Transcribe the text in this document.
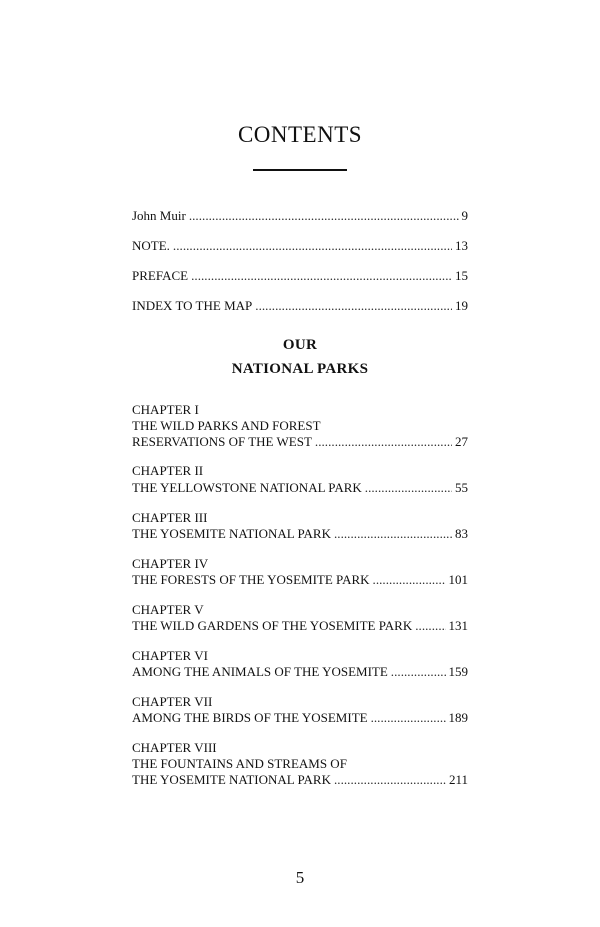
CONTENTS
John Muir . . .	9
NOTE. . . .	13
PREFACE . . .	15
INDEX TO THE MAP . . .	19
OUR
NATIONAL PARKS
CHAPTER I
THE WILD PARKS AND FOREST
RESERVATIONS OF THE WEST . . .	27
CHAPTER II
THE YELLOWSTONE NATIONAL PARK . . .	55
CHAPTER III
THE YOSEMITE NATIONAL PARK . . .	83
CHAPTER IV
THE FORESTS OF THE YOSEMITE PARK . . .	101
CHAPTER V
THE WILD GARDENS OF THE YOSEMITE PARK . . .	131
CHAPTER VI
AMONG THE ANIMALS OF THE YOSEMITE . . .	159
CHAPTER VII
AMONG THE BIRDS OF THE YOSEMITE . . .	189
CHAPTER VIII
THE FOUNTAINS AND STREAMS OF
THE YOSEMITE NATIONAL PARK . . .	211
5
